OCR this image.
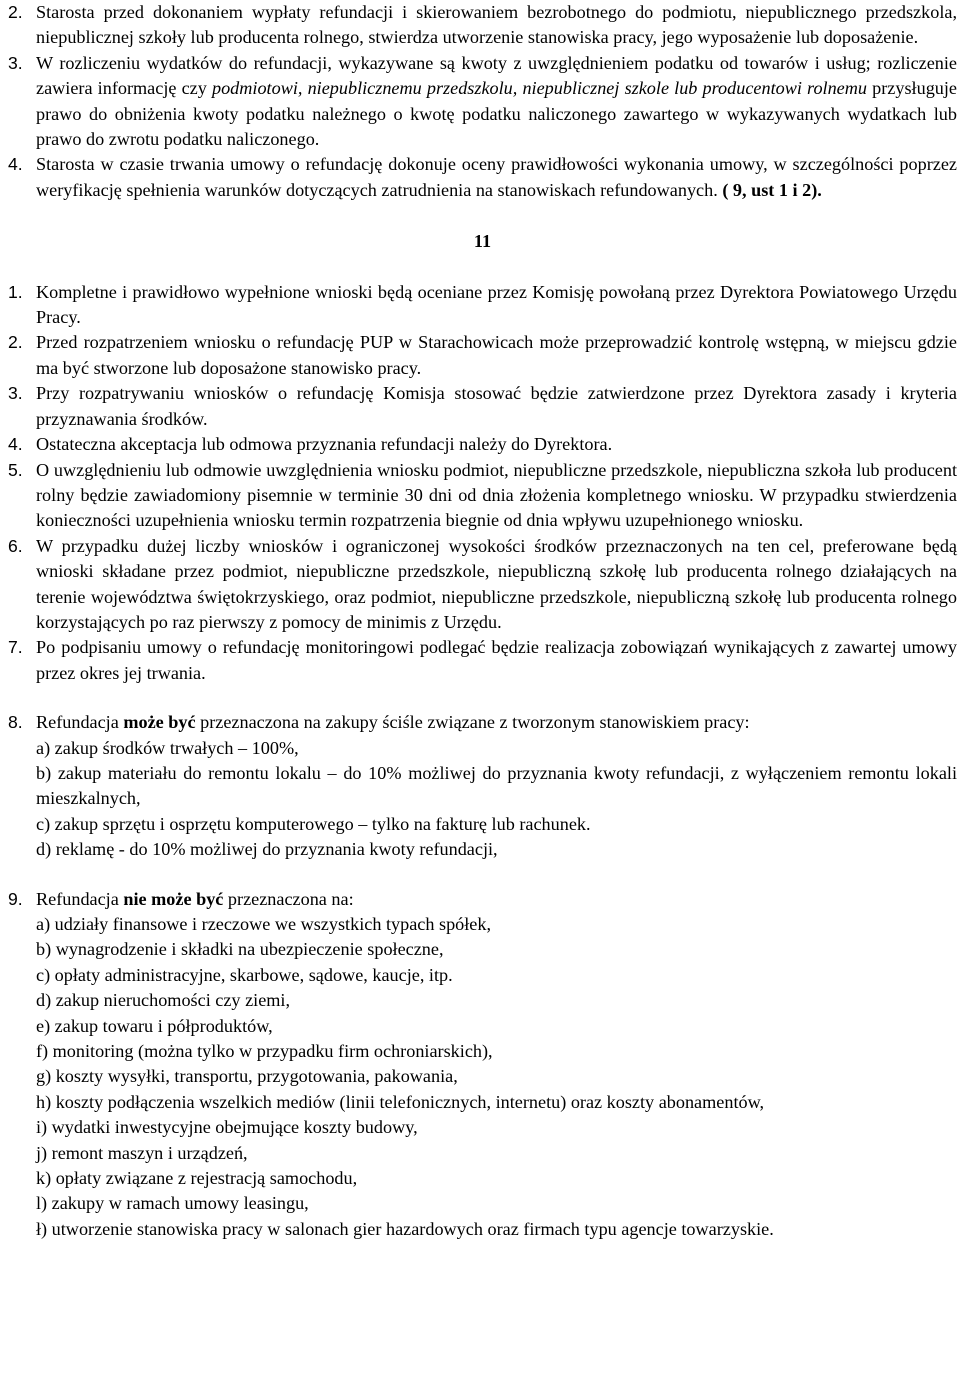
2. Starosta przed dokonaniem wypłaty refundacji i skierowaniem bezrobotnego do podmiotu, niepublicznego przedszkola, niepublicznej szkoły lub producenta rolnego, stwierdza utworzenie stanowiska pracy, jego wyposażenie lub doposażenie.
3. W rozliczeniu wydatków do refundacji, wykazywane są kwoty z uwzględnieniem podatku od towarów i usług; rozliczenie zawiera informację czy podmiotowi, niepublicznemu przedszkolu, niepublicznej szkole lub producentowi rolnemu przysługuje prawo do obniżenia kwoty podatku należnego o kwotę podatku naliczonego zawartego w wykazywanych wydatkach lub prawo do zwrotu podatku naliczonego.
4. Starosta w czasie trwania umowy o refundację dokonuje oceny prawidłowości wykonania umowy, w szczególności poprzez weryfikację spełnienia warunków dotyczących zatrudnienia na stanowiskach refundowanych. ( 9, ust 1 i 2).
11
1. Kompletne i prawidłowo wypełnione wnioski będą oceniane przez Komisję powołaną przez Dyrektora Powiatowego Urzędu Pracy.
2. Przed rozpatrzeniem wniosku o refundację PUP w Starachowicach może przeprowadzić kontrolę wstępną, w miejscu gdzie ma być stworzone lub doposażone stanowisko pracy.
3. Przy rozpatrywaniu wniosków o refundację Komisja stosować będzie zatwierdzone przez Dyrektora zasady i kryteria przyznawania środków.
4. Ostateczna akceptacja lub odmowa przyznania refundacji należy do Dyrektora.
5. O uwzględnieniu lub odmowie uwzględnienia wniosku podmiot, niepubliczne przedszkole, niepubliczna szkoła lub producent rolny będzie zawiadomiony pisemnie w terminie 30 dni od dnia złożenia kompletnego wniosku. W przypadku stwierdzenia konieczności uzupełnienia wniosku termin rozpatrzenia biegnie od dnia wpływu uzupełnionego wniosku.
6. W przypadku dużej liczby wniosków i ograniczonej wysokości środków przeznaczonych na ten cel, preferowane będą wnioski składane przez podmiot, niepubliczne przedszkole, niepubliczną szkołę lub producenta rolnego działających na terenie województwa świętokrzyskiego, oraz podmiot, niepubliczne przedszkole, niepubliczną szkołę lub producenta rolnego korzystających po raz pierwszy z pomocy de minimis z Urzędu.
7. Po podpisaniu umowy o refundację monitoringowi podlegać będzie realizacja zobowiązań wynikających z zawartej umowy przez okres jej trwania.
8. Refundacja może być przeznaczona na zakupy ściśle związane z tworzonym stanowiskiem pracy:
a) zakup środków trwałych – 100%,
b) zakup materiału do remontu lokalu – do 10% możliwej do przyznania kwoty refundacji, z wyłączeniem remontu lokali mieszkalnych,
c) zakup sprzętu i osprzętu komputerowego – tylko na fakturę lub rachunek.
d) reklamę - do 10% możliwej do przyznania kwoty refundacji,
9. Refundacja nie może być przeznaczona na:
a) udziały finansowe i rzeczowe we wszystkich typach spółek,
b) wynagrodzenie i składki na ubezpieczenie społeczne,
c) opłaty administracyjne, skarbowe, sądowe, kaucje, itp.
d) zakup nieruchomości czy ziemi,
e) zakup towaru i półproduktów,
f) monitoring (można tylko w przypadku firm ochroniarskich),
g) koszty wysyłki, transportu, przygotowania, pakowania,
h) koszty podłączenia wszelkich mediów (linii telefonicznych, internetu) oraz koszty abonamentów,
i) wydatki inwestycyjne obejmujące koszty budowy,
j) remont maszyn i urządzeń,
k) opłaty związane z rejestracją samochodu,
l) zakupy w ramach umowy leasingu,
ł) utworzenie stanowiska pracy w salonach gier hazardowych oraz firmach typu agencje towarzyskie.
